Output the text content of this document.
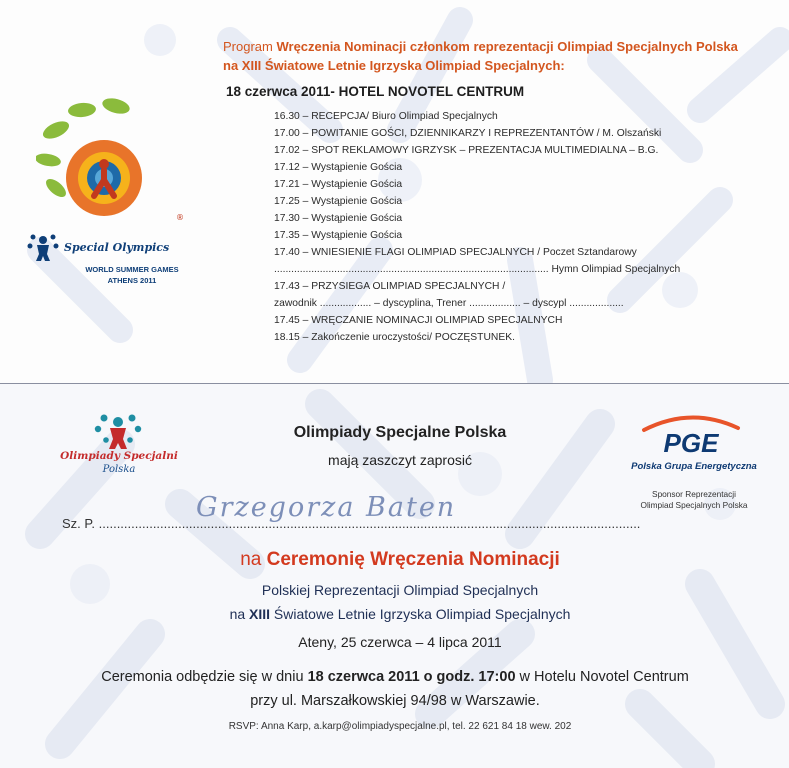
Program Wręczenia Nominacji członkom reprezentacji Olimpiad Specjalnych Polska
na XIII Światowe Letnie Igrzyska Olimpiad Specjalnych:
18 czerwca 2011- HOTEL NOVOTEL CENTRUM
16.30 – RECEPCJA/ Biuro Olimpiad Specjalnych
17.00 – POWITANIE GOŚCI, DZIENNIKARZY I REPREZENTANTÓW / M. Olszański
17.02 – SPOT REKLAMOWY IGRZYSK – PREZENTACJA MULTIMEDIALNA – B.G.
17.12 – Wystąpienie Gościa
17.21 – Wystąpienie Gościa
17.25 – Wystąpienie Gościa
17.30 – Wystąpienie Gościa
17.35 – Wystąpienie Gościa
17.40 – WNIESIENIE FLAGI OLIMPIAD SPECJALNYCH / Poczet Sztandarowy
................................................................................................ Hymn Olimpiad Specjalnych
17.43 – PRZYSIEGA OLIMPIAD SPECJALNYCH /
zawodnik .................. – dyscyplina, Trener .................. – dyscypl ...................
17.45 – WRĘCZANIE NOMINACJI OLIMPIAD SPECJALNYCH
18.15 – Zakończenie uroczystości/ POCZĘSTUNEK.
®
Special Olympics
WORLD SUMMER GAMES
ATHENS 2011
Olimpiady Specjalni
Polska
Olimpiady Specjalne Polska
mają zaszczyt zaprosić
PGE
Polska Grupa Energetyczna
Sponsor Reprezentacji
Olimpiad Specjalnych Polska
Sz. P. ......................................................................................................................................................
Grzegorza Baten
na Ceremonię Wręczenia Nominacji
Polskiej Reprezentacji Olimpiad Specjalnych
na XIII Światowe Letnie Igrzyska Olimpiad Specjalnych
Ateny, 25 czerwca – 4 lipca 2011
Ceremonia odbędzie się w dniu 18 czerwca 2011 o godz. 17:00 w Hotelu Novotel Centrum
przy ul. Marszałkowskiej 94/98 w Warszawie.
RSVP: Anna Karp, a.karp@olimpiadyspecjalne.pl, tel. 22 621 84 18 wew. 202
